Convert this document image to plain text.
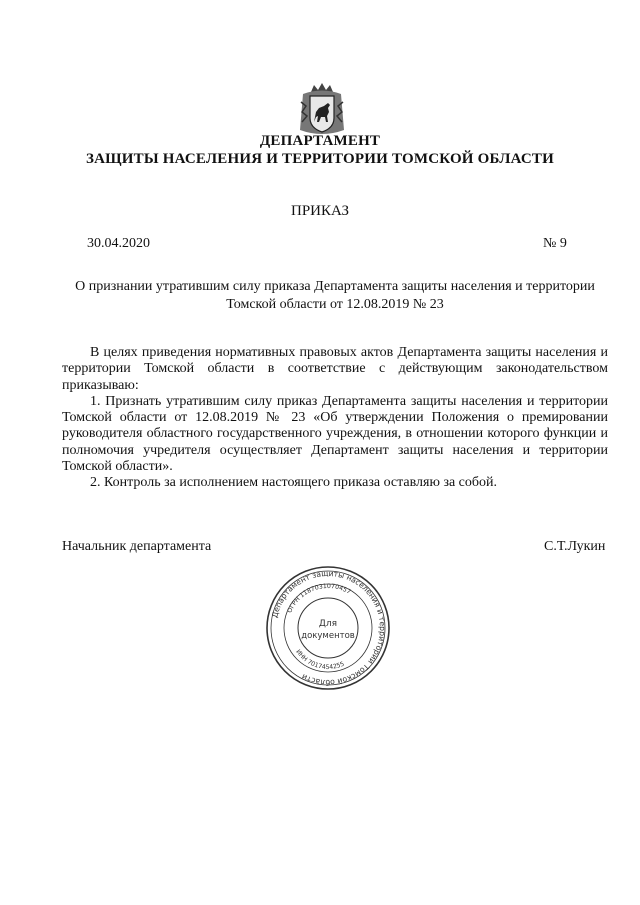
ДЕПАРТАМЕНТ
ЗАЩИТЫ НАСЕЛЕНИЯ И ТЕРРИТОРИИ ТОМСКОЙ ОБЛАСТИ
ПРИКАЗ
30.04.2020	№ 9
О признании утратившим силу приказа Департамента защиты населения и территории
Томской области от 12.08.2019 № 23

В целях приведения нормативных правовых актов Департамента защиты населения и территории Томской области в соответствие с действующим законодательством приказываю:

1. Признать утратившим силу приказ Департамента защиты населения и территории Томской области от 12.08.2019 № 23 «Об утверждении Положения о премировании руководителя областного государственного учреждения, в отношении которого функции и полномочия учредителя осуществляет Департамент защиты населения и территории Томской области».

2. Контроль за исполнением настоящего приказа оставляю за собой.

Начальник департамента	С.Т.Лукин
Департамент защиты населения и территории Томской области
ОГРН 1187031070457
ИНН 7017454255
Для
документов
